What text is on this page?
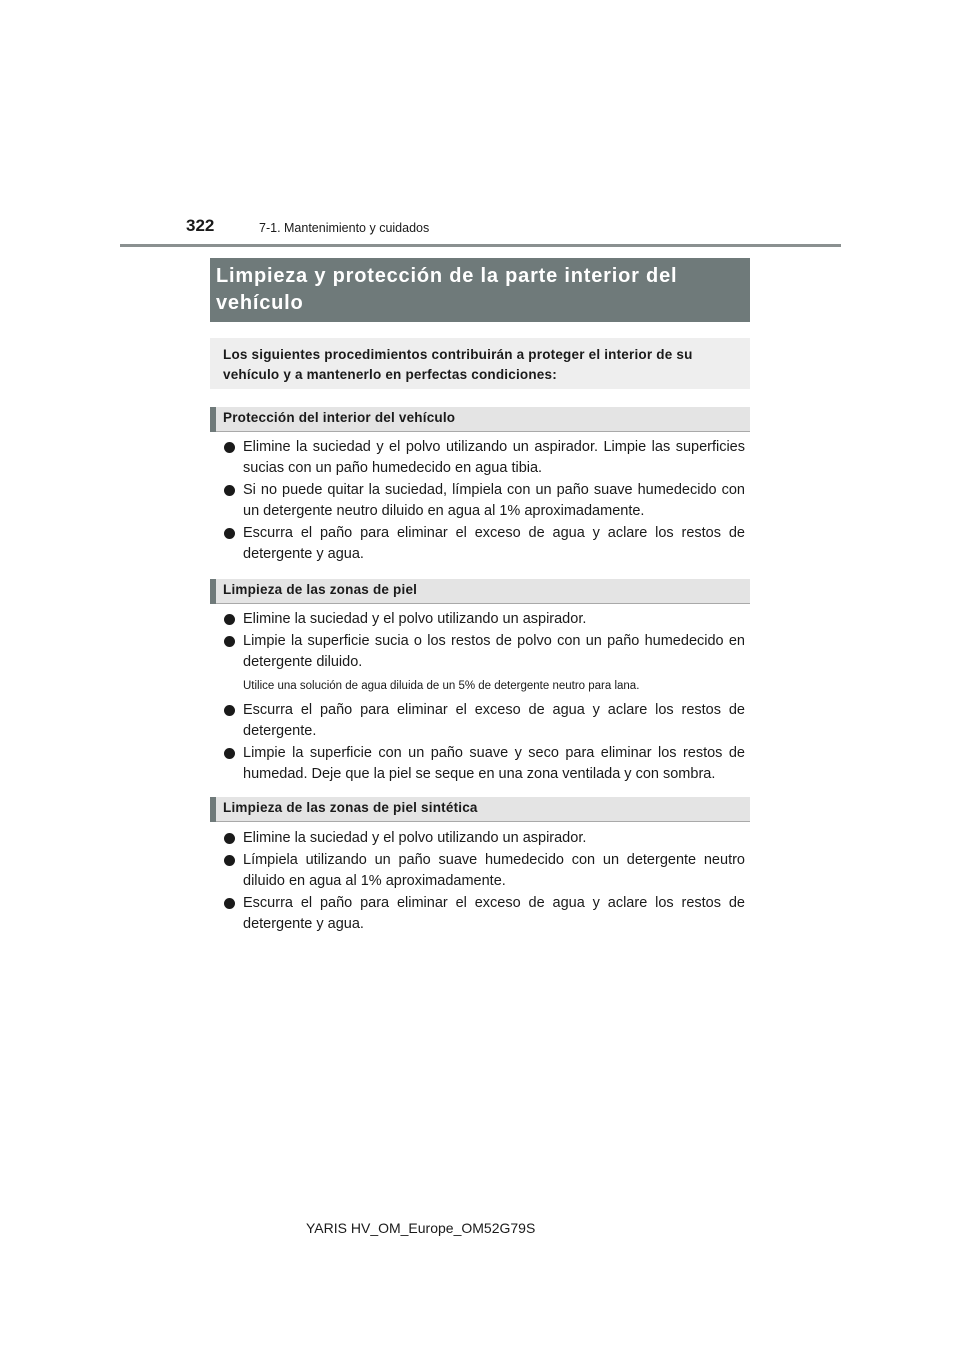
322	7-1. Mantenimiento y cuidados
Limpieza y protección de la parte interior del vehículo
Los siguientes procedimientos contribuirán a proteger el interior de su vehículo y a mantenerlo en perfectas condiciones:
Protección del interior del vehículo
Elimine la suciedad y el polvo utilizando un aspirador. Limpie las superficies sucias con un paño humedecido en agua tibia.
Si no puede quitar la suciedad, límpiela con un paño suave humedecido con un detergente neutro diluido en agua al 1% aproximadamente.
Escurra el paño para eliminar el exceso de agua y aclare los restos de detergente y agua.
Limpieza de las zonas de piel
Elimine la suciedad y el polvo utilizando un aspirador.
Limpie la superficie sucia o los restos de polvo con un paño humedecido en detergente diluido.
Utilice una solución de agua diluida de un 5% de detergente neutro para lana.
Escurra el paño para eliminar el exceso de agua y aclare los restos de detergente.
Limpie la superficie con un paño suave y seco para eliminar los restos de humedad. Deje que la piel se seque en una zona ventilada y con sombra.
Limpieza de las zonas de piel sintética
Elimine la suciedad y el polvo utilizando un aspirador.
Límpiela utilizando un paño suave humedecido con un detergente neutro diluido en agua al 1% aproximadamente.
Escurra el paño para eliminar el exceso de agua y aclare los restos de detergente y agua.
YARIS HV_OM_Europe_OM52G79S
